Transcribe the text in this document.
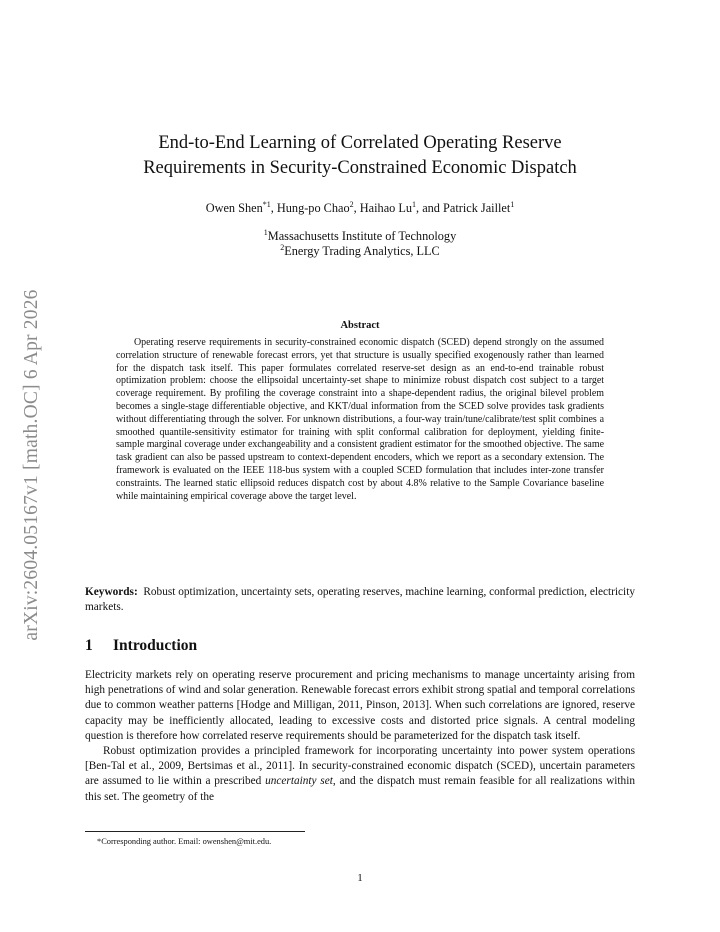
arXiv:2604.05167v1 [math.OC] 6 Apr 2026
End-to-End Learning of Correlated Operating Reserve
Requirements in Security-Constrained Economic Dispatch
Owen Shen$^{*1}$, Hung-po Chao$^2$, Haihao Lu$^1$, and Patrick Jaillet$^1$
$^1$Massachusetts Institute of Technology
$^2$Energy Trading Analytics, LLC
Abstract
Operating reserve requirements in security-constrained economic dispatch (SCED) depend strongly on the assumed correlation structure of renewable forecast errors, yet that structure is usually specified exogenously rather than learned for the dispatch task itself. This paper formulates correlated reserve-set design as an end-to-end trainable robust optimization problem: choose the ellipsoidal uncertainty-set shape to minimize robust dispatch cost subject to a target coverage requirement. By profiling the coverage constraint into a shape-dependent radius, the original bilevel problem becomes a single-stage differentiable objective, and KKT/dual information from the SCED solve provides task gradients without differentiating through the solver. For unknown distributions, a four-way train/tune/calibrate/test split combines a smoothed quantile-sensitivity estimator for training with split conformal calibration for deployment, yielding finite-sample marginal coverage under exchangeability and a consistent gradient estimator for the smoothed objective. The same task gradient can also be passed upstream to context-dependent encoders, which we report as a secondary extension. The framework is evaluated on the IEEE 118-bus system with a coupled SCED formulation that includes inter-zone transfer constraints. The learned static ellipsoid reduces dispatch cost by about 4.8% relative to the Sample Covariance baseline while maintaining empirical coverage above the target level.
Keywords: Robust optimization, uncertainty sets, operating reserves, machine learning, conformal prediction, electricity markets.
1 Introduction

Electricity markets rely on operating reserve procurement and pricing mechanisms to manage uncertainty arising from high penetrations of wind and solar generation. Renewable forecast errors exhibit strong spatial and temporal correlations due to common weather patterns [Hodge and Milligan, 2011, Pinson, 2013]. When such correlations are ignored, reserve capacity may be inefficiently allocated, leading to excessive costs and distorted price signals. A central modeling question is therefore how correlated reserve requirements should be parameterized for the dispatch task itself.

Robust optimization provides a principled framework for incorporating uncertainty into power system operations [Ben-Tal et al., 2009, Bertsimas et al., 2011]. In security-constrained economic dispatch (SCED), uncertain parameters are assumed to lie within a prescribed uncertainty set, and the dispatch must remain feasible for all realizations within this set. The geometry of the

*Corresponding author. Email: owenshen@mit.edu.
1
